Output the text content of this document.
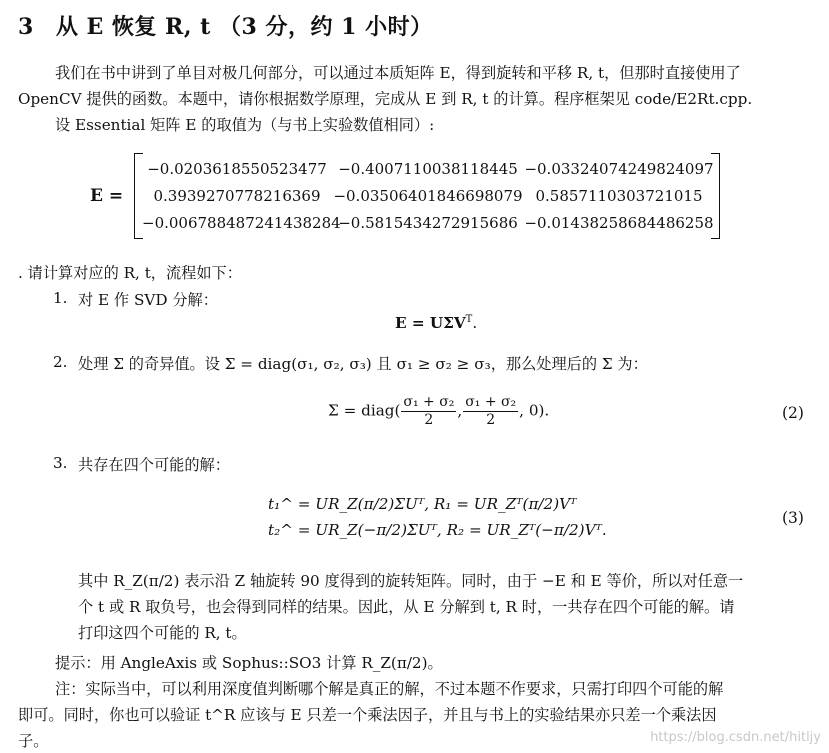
3 从 E 恢复 R, t （3 分，约 1 小时）
我们在书中讲到了单目对极几何部分，可以通过本质矩阵 E，得到旋转和平移 R, t，但那时直接使用了
OpenCV 提供的函数。本题中，请你根据数学原理，完成从 E 到 R, t 的计算。程序框架见 code/E2Rt.cpp.
设 Essential 矩阵 E 的取值为（与书上实验数值相同）:
E =
−0.0203618550523477 −0.4007110038118445 −0.03324074249824097
0.3939270778216369 −0.03506401846698079 0.5857110303721015
−0.006788487241438284
−0.5815434272915686 −0.01438258684486258
. 请计算对应的 R, t，流程如下：
1. 对 E 作 SVD 分解：
$E = U\Sigma V^T$.
2. 处理 Σ 的奇异值。设 Σ = diag(σ₁, σ₂, σ₃) 且 σ₁ ≥ σ₂ ≥ σ₃，那么处理后的 Σ 为：
Σ = diag( $\frac{\text{σ₁ + σ₂}}{2}$ , $\frac{\text{σ₁ + σ₂}}{2}$ , 0).	(2)
3. 共存在四个可能的解：
t₁^ = UR_Z(π/2)ΣUᵀ, R₁ = UR_Zᵀ(π/2)Vᵀ
t₂^ = UR_Z(−π/2)ΣUᵀ, R₂ = UR_Zᵀ(−π/2)Vᵀ.
(3)
其中 R_Z(π/2) 表示沿 Z 轴旋转 90 度得到的旋转矩阵。同时，由于 −E 和 E 等价，所以对任意一
个 t 或 R 取负号，也会得到同样的结果。因此，从 E 分解到 t, R 时，一共存在四个可能的解。请
打印这四个可能的 R, t。
提示：用 AngleAxis 或 Sophus::SO3 计算 R_Z(π/2)。
注：实际当中，可以利用深度值判断哪个解是真正的解，不过本题不作要求，只需打印四个可能的解
即可。同时，你也可以验证 t^R 应该与 E 只差一个乘法因子，并且与书上的实验结果亦只差一个乘法因
子。	https://blog.csdn.net/hitljy
